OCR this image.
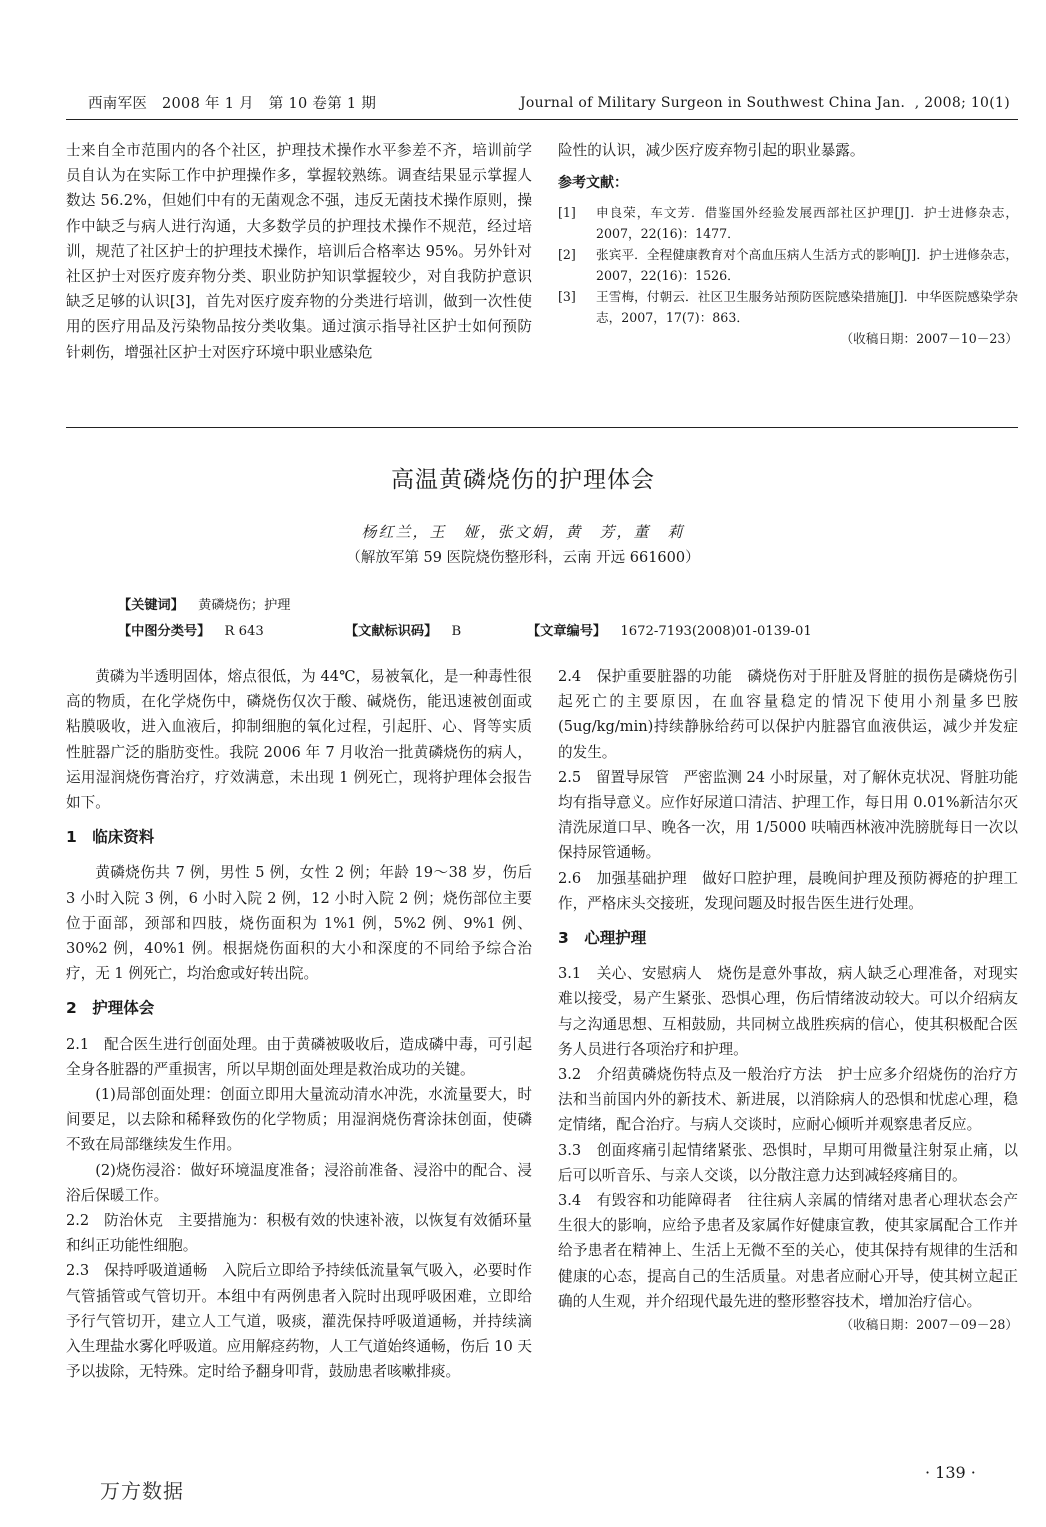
西南军医　2008 年 1 月　第 10 卷第 1 期	Journal of Military Surgeon in Southwest China Jan．, 2008; 10(1)

士来自全市范围内的各个社区，护理技术操作水平参差不齐，培训前学员自认为在实际工作中护理操作多，掌握较熟练。调查结果显示掌握人数达 56.2%，但她们中有的无菌观念不强，违反无菌技术操作原则，操作中缺乏与病人进行沟通，大多数学员的护理技术操作不规范，经过培训，规范了社区护士的护理技术操作，培训后合格率达 95%。另外针对社区护士对医疗废弃物分类、职业防护知识掌握较少，对自我防护意识缺乏足够的认识[3]，首先对医疗废弃物的分类进行培训，做到一次性使用的医疗用品及污染物品按分类收集。通过演示指导社区护士如何预防针刺伤，增强社区护士对医疗环境中职业感染危

险性的认识，减少医疗废弃物引起的职业暴露。

参考文献：
[1]	申良荣，车文芳．借鉴国外经验发展西部社区护理[J]．护士进修杂志，2007，22(16)：1477．
[2]	张宾平．全程健康教育对个高血压病人生活方式的影响[J]．护士进修杂志，2007，22(16)：1526．
[3]	王雪梅，付朝云．社区卫生服务站预防医院感染措施[J]．中华医院感染学杂志，2007，17(7)：863．
（收稿日期：2007－10－23）
高温黄磷烧伤的护理体会
杨红兰，王　娅，张文娟，黄　芳，董　莉
（解放军第 59 医院烧伤整形科，云南 开远 661600）
【关键词】 黄磷烧伤；护理
【中图分类号】 R 643	【文献标识码】 B	【文章编号】 1672-7193(2008)01-0139-01

黄磷为半透明固体，熔点很低，为 44℃，易被氧化，是一种毒性很高的物质，在化学烧伤中，磷烧伤仅次于酸、碱烧伤，能迅速被创面或粘膜吸收，进入血液后，抑制细胞的氧化过程，引起肝、心、肾等实质性脏器广泛的脂肪变性。我院 2006 年 7 月收治一批黄磷烧伤的病人，运用湿润烧伤膏治疗，疗效满意，未出现 1 例死亡，现将护理体会报告如下。

1　临床资料

黄磷烧伤共 7 例，男性 5 例，女性 2 例；年龄 19～38 岁，伤后 3 小时入院 3 例，6 小时入院 2 例，12 小时入院 2 例；烧伤部位主要位于面部，颈部和四肢，烧伤面积为 1%1 例，5%2 例、9%1 例、30%2 例，40%1 例。根据烧伤面积的大小和深度的不同给予综合治疗，无 1 例死亡，均治愈或好转出院。

2　护理体会

2.1　配合医生进行创面处理。由于黄磷被吸收后，造成磷中毒，可引起全身各脏器的严重损害，所以早期创面处理是救治成功的关键。

(1)局部创面处理：创面立即用大量流动清水冲洗，水流量要大，时间要足，以去除和稀释致伤的化学物质；用湿润烧伤膏涂抹创面，使磷不致在局部继续发生作用。

(2)烧伤浸浴：做好环境温度准备；浸浴前准备、浸浴中的配合、浸浴后保暖工作。

2.2　防治休克　主要措施为：积极有效的快速补液，以恢复有效循环量和纠正功能性细胞。

2.3　保持呼吸道通畅　入院后立即给予持续低流量氧气吸入，必要时作气管插管或气管切开。本组中有两例患者入院时出现呼吸困难，立即给予行气管切开，建立人工气道，吸痰，灌洗保持呼吸道通畅，并持续滴入生理盐水雾化呼吸道。应用解痉药物，人工气道始终通畅，伤后 10 天予以拔除，无特殊。定时给予翻身叩背，鼓励患者咳嗽排痰。

2.4　保护重要脏器的功能　磷烧伤对于肝脏及肾脏的损伤是磷烧伤引起死亡的主要原因，在血容量稳定的情况下使用小剂量多巴胺(5ug/kg/min)持续静脉给药可以保护内脏器官血液供运，减少并发症的发生。

2.5　留置导尿管　严密监测 24 小时尿量，对了解休克状况、肾脏功能均有指导意义。应作好尿道口清洁、护理工作，每日用 0.01%新洁尔灭清洗尿道口早、晚各一次，用 1/5000 呋喃西林液冲洗膀胱每日一次以保持尿管通畅。

2.6　加强基础护理　做好口腔护理，晨晚间护理及预防褥疮的护理工作，严格床头交接班，发现问题及时报告医生进行处理。

3　心理护理

3.1　关心、安慰病人　烧伤是意外事故，病人缺乏心理准备，对现实难以接受，易产生紧张、恐惧心理，伤后情绪波动较大。可以介绍病友与之沟通思想、互相鼓励，共同树立战胜疾病的信心，使其积极配合医务人员进行各项治疗和护理。

3.2　介绍黄磷烧伤特点及一般治疗方法　护士应多介绍烧伤的治疗方法和当前国内外的新技术、新进展，以消除病人的恐惧和忧虑心理，稳定情绪，配合治疗。与病人交谈时，应耐心倾听并观察患者反应。

3.3　创面疼痛引起情绪紧张、恐惧时，早期可用微量注射泵止痛，以后可以听音乐、与亲人交谈，以分散注意力达到减轻疼痛目的。

3.4　有毁容和功能障碍者　往往病人亲属的情绪对患者心理状态会产生很大的影响，应给予患者及家属作好健康宣教，使其家属配合工作并给予患者在精神上、生活上无微不至的关心，使其保持有规律的生活和健康的心态，提高自己的生活质量。对患者应耐心开导，使其树立起正确的人生观，并介绍现代最先进的整形整容技术，增加治疗信心。

（收稿日期：2007－09－28）
· 139 ·
万方数据
